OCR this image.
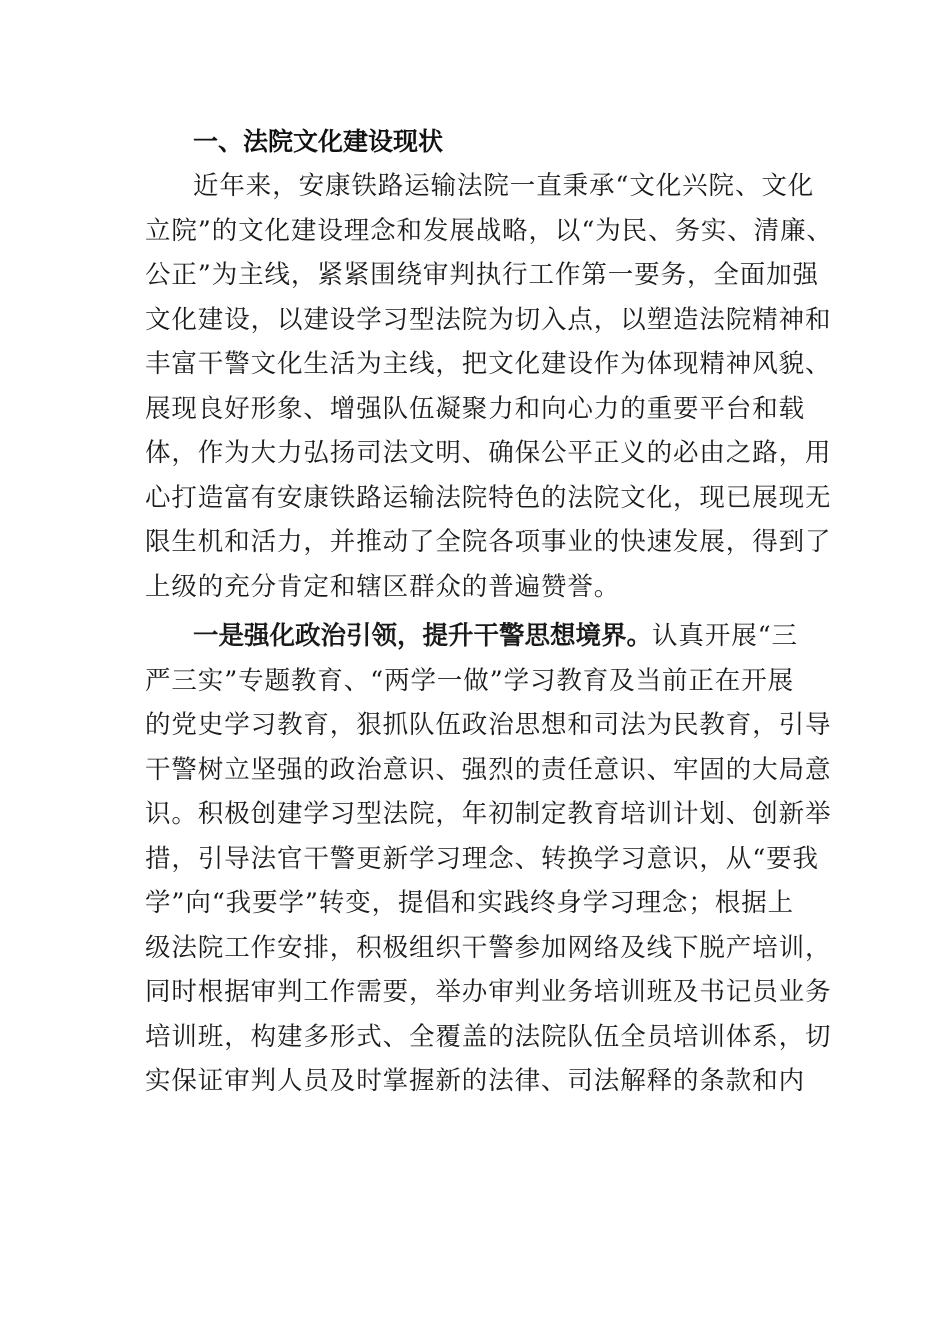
一、法院文化建设现状
近年来，安康铁路运输法院一直秉承“文化兴院、文化
立院”的文化建设理念和发展战略，以“为民、务实、清廉、
公正”为主线，紧紧围绕审判执行工作第一要务，全面加强
文化建设，以建设学习型法院为切入点，以塑造法院精神和
丰富干警文化生活为主线，把文化建设作为体现精神风貌、
展现良好形象、增强队伍凝聚力和向心力的重要平台和载
体，作为大力弘扬司法文明、确保公平正义的必由之路，用
心打造富有安康铁路运输法院特色的法院文化，现已展现无
限生机和活力，并推动了全院各项事业的快速发展，得到了
上级的充分肯定和辖区群众的普遍赞誉。
一是强化政治引领，提升干警思想境界。认真开展“三
严三实”专题教育、“两学一做”学习教育及当前正在开展
的党史学习教育，狠抓队伍政治思想和司法为民教育，引导
干警树立坚强的政治意识、强烈的责任意识、牢固的大局意
识。积极创建学习型法院，年初制定教育培训计划、创新举
措，引导法官干警更新学习理念、转换学习意识，从“要我
学”向“我要学”转变，提倡和实践终身学习理念；根据上
级法院工作安排，积极组织干警参加网络及线下脱产培训，
同时根据审判工作需要，举办审判业务培训班及书记员业务
培训班，构建多形式、全覆盖的法院队伍全员培训体系，切
实保证审判人员及时掌握新的法律、司法解释的条款和内
